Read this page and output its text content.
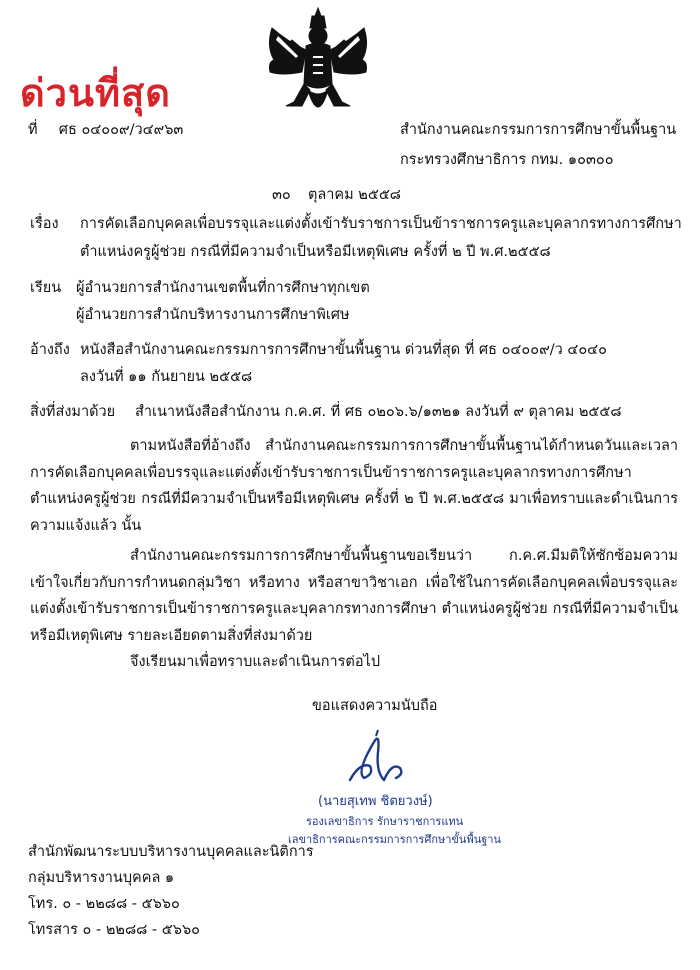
ด่วนที่สุด
ที่ ศธ ๐๔๐๐๙/ว๔๙๖๓	สำนักงานคณะกรรมการการศึกษาขั้นพื้นฐาน
กระทรวงศึกษาธิการ กทม. ๑๐๓๐๐
๓๐ ตุลาคม ๒๕๕๘
เรื่อง การคัดเลือกบุคคลเพื่อบรรจุและแต่งตั้งเข้ารับราชการเป็นข้าราชการครูและบุคลากรทางการศึกษา
ตำแหน่งครูผู้ช่วย กรณีที่มีความจำเป็นหรือมีเหตุพิเศษ ครั้งที่ ๒ ปี พ.ศ.๒๕๕๘
เรียน ผู้อำนวยการสำนักงานเขตพื้นที่การศึกษาทุกเขต
ผู้อำนวยการสำนักบริหารงานการศึกษาพิเศษ
อ้างถึง หนังสือสำนักงานคณะกรรมการการศึกษาขั้นพื้นฐาน ด่วนที่สุด ที่ ศธ ๐๔๐๐๙/ว ๔๐๔๐
ลงวันที่ ๑๑ กันยายน ๒๕๕๘
สิ่งที่ส่งมาด้วย สำเนาหนังสือสำนักงาน ก.ค.ศ. ที่ ศธ ๐๒๐๖.๖/๑๓๒๑ ลงวันที่ ๙ ตุลาคม ๒๕๕๘
ตามหนังสือที่อ้างถึง สำนักงานคณะกรรมการการศึกษาขั้นพื้นฐานได้กำหนดวันและเวลาการคัดเลือกบุคคลเพื่อบรรจุและแต่งตั้งเข้ารับราชการเป็นข้าราชการครูและบุคลากรทางการศึกษาตำแหน่งครูผู้ช่วย กรณีที่มีความจำเป็นหรือมีเหตุพิเศษ ครั้งที่ ๒ ปี พ.ศ.๒๕๕๘ มาเพื่อทราบและดำเนินการความแจ้งแล้ว นั้น
สำนักงานคณะกรรมการการศึกษาขั้นพื้นฐานขอเรียนว่า ก.ค.ศ.มีมติให้ซักซ้อมความเข้าใจเกี่ยวกับการกำหนดกลุ่มวิชา หรือทาง หรือสาขาวิชาเอก เพื่อใช้ในการคัดเลือกบุคคลเพื่อบรรจุและแต่งตั้งเข้ารับราชการเป็นข้าราชการครูและบุคลากรทางการศึกษา ตำแหน่งครูผู้ช่วย กรณีที่มีความจำเป็นหรือมีเหตุพิเศษ รายละเอียดตามสิ่งที่ส่งมาด้วย
จึงเรียนมาเพื่อทราบและดำเนินการต่อไป
ขอแสดงความนับถือ
(นายสุเทพ ชิตยวงษ์)
รองเลขาธิการ รักษาราชการแทน
เลขาธิการคณะกรรมการการศึกษาขั้นพื้นฐาน
สำนักพัฒนาระบบบริหารงานบุคคลและนิติการ
กลุ่มบริหารงานบุคคล ๑
โทร. ๐ - ๒๒๘๘ - ๕๖๖๐
โทรสาร ๐ - ๒๒๘๘ - ๕๖๖๐
